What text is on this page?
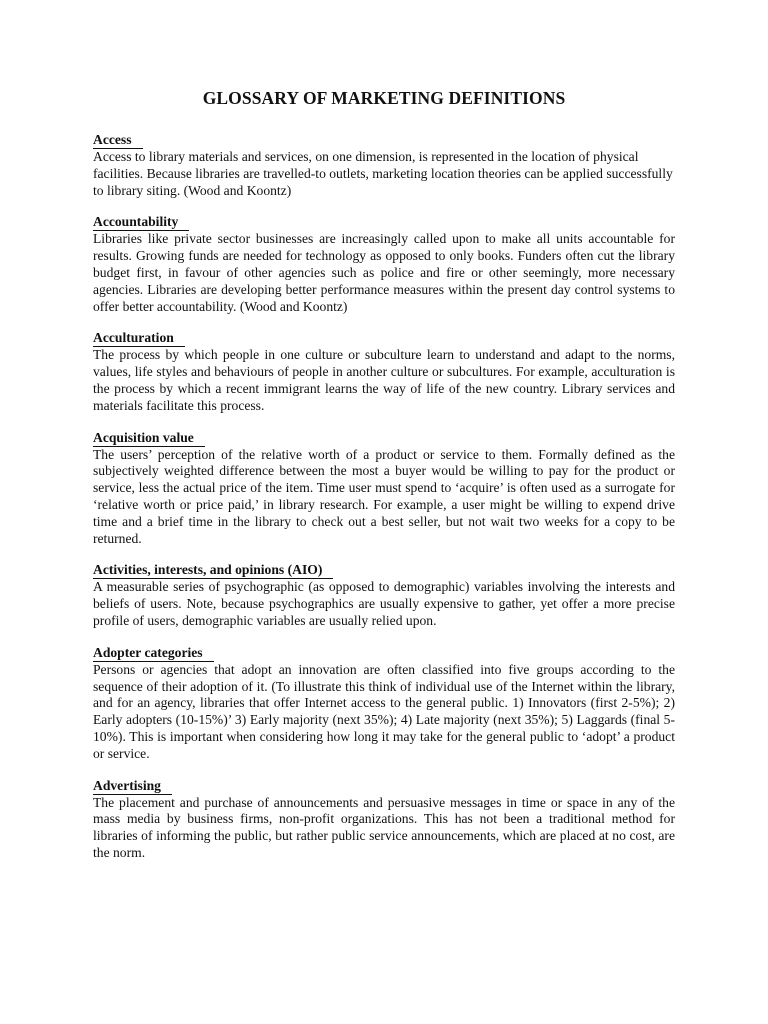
GLOSSARY OF MARKETING DEFINITIONS

Access

Access to library materials and services, on one dimension, is represented in the location of physical facilities. Because libraries are travelled-to outlets, marketing location theories can be applied successfully to library siting. (Wood and Koontz)

Accountability

Libraries like private sector businesses are increasingly called upon to make all units accountable for results. Growing funds are needed for technology as opposed to only books. Funders often cut the library budget first, in favour of other agencies such as police and fire or other seemingly, more necessary agencies. Libraries are developing better performance measures within the present day control systems to offer better accountability. (Wood and Koontz)

Acculturation

The process by which people in one culture or subculture learn to understand and adapt to the norms, values, life styles and behaviours of people in another culture or subcultures. For example, acculturation is the process by which a recent immigrant learns the way of life of the new country. Library services and materials facilitate this process.

Acquisition value

The users’ perception of the relative worth of a product or service to them. Formally defined as the subjectively weighted difference between the most a buyer would be willing to pay for the product or service, less the actual price of the item. Time user must spend to ‘acquire’ is often used as a surrogate for ‘relative worth or price paid,’ in library research. For example, a user might be willing to expend drive time and a brief time in the library to check out a best seller, but not wait two weeks for a copy to be returned.

Activities, interests, and opinions (AIO)

A measurable series of psychographic (as opposed to demographic) variables involving the interests and beliefs of users. Note, because psychographics are usually expensive to gather, yet offer a more precise profile of users, demographic variables are usually relied upon.

Adopter categories

Persons or agencies that adopt an innovation are often classified into five groups according to the sequence of their adoption of it. (To illustrate this think of individual use of the Internet within the library, and for an agency, libraries that offer Internet access to the general public. 1) Innovators (first 2-5%); 2) Early adopters (10-15%)’ 3) Early majority (next 35%); 4) Late majority (next 35%); 5) Laggards (final 5-10%). This is important when considering how long it may take for the general public to ‘adopt’ a product or service.

Advertising

The placement and purchase of announcements and persuasive messages in time or space in any of the mass media by business firms, non-profit organizations. This has not been a traditional method for libraries of informing the public, but rather public service announcements, which are placed at no cost, are the norm.
